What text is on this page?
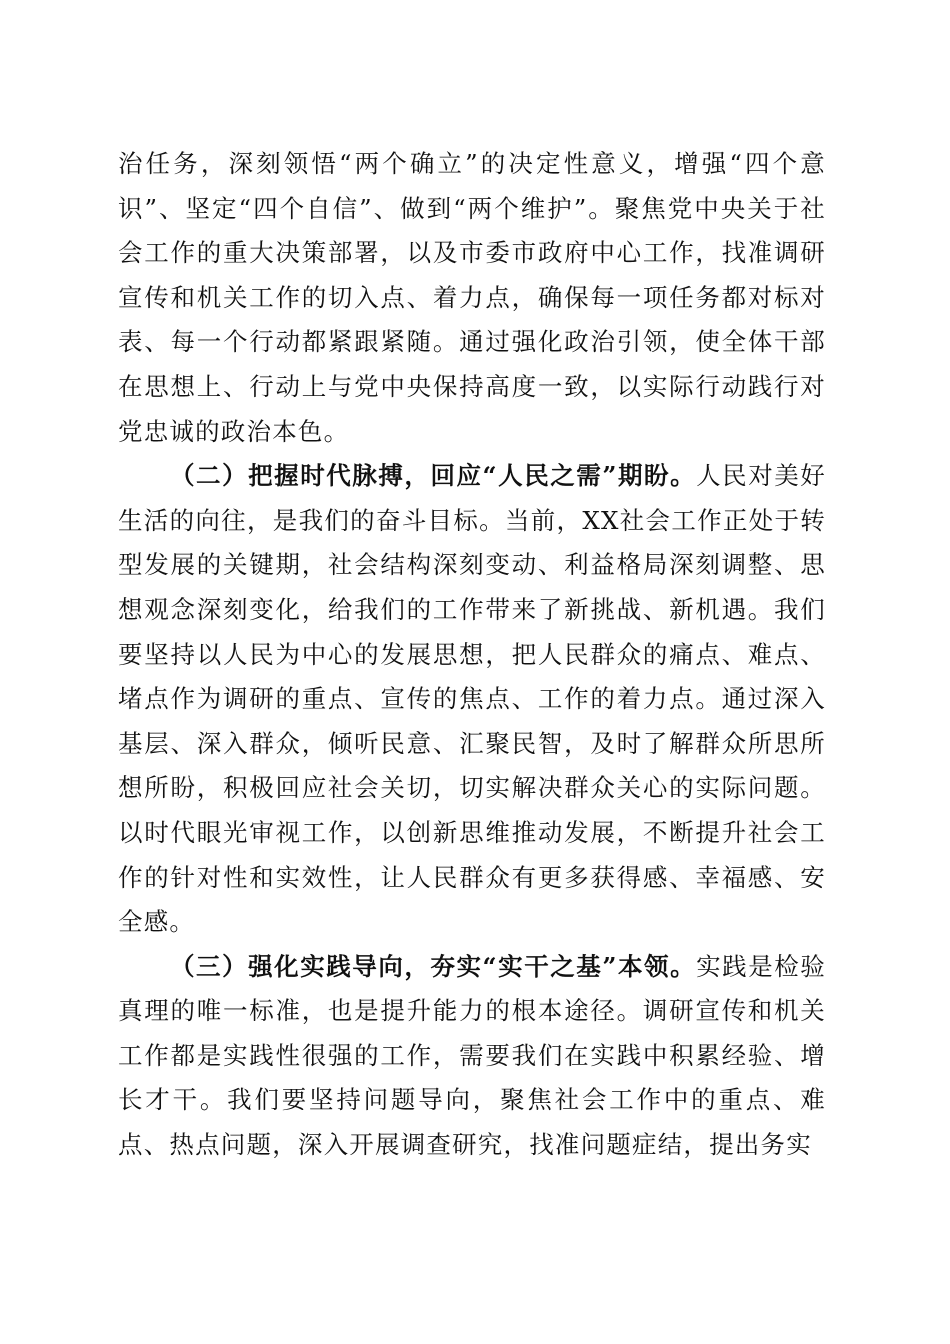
治任务，深刻领悟“两个确立”的决定性意义，增强“四个意识”、坚定“四个自信”、做到“两个维护”。聚焦党中央关于社会工作的重大决策部署，以及市委市政府中心工作，找准调研宣传和机关工作的切入点、着力点，确保每一项任务都对标对表、每一个行动都紧跟紧随。通过强化政治引领，使全体干部在思想上、行动上与党中央保持高度一致，以实际行动践行对党忠诚的政治本色。

（二）把握时代脉搏，回应“人民之需”期盼。人民对美好生活的向往，是我们的奋斗目标。当前，XX社会工作正处于转型发展的关键期，社会结构深刻变动、利益格局深刻调整、思想观念深刻变化，给我们的工作带来了新挑战、新机遇。我们要坚持以人民为中心的发展思想，把人民群众的痛点、难点、堵点作为调研的重点、宣传的焦点、工作的着力点。通过深入基层、深入群众，倾听民意、汇聚民智，及时了解群众所思所想所盼，积极回应社会关切，切实解决群众关心的实际问题。以时代眼光审视工作，以创新思维推动发展，不断提升社会工作的针对性和实效性，让人民群众有更多获得感、幸福感、安全感。

（三）强化实践导向，夯实“实干之基”本领。实践是检验真理的唯一标准，也是提升能力的根本途径。调研宣传和机关工作都是实践性很强的工作，需要我们在实践中积累经验、增长才干。我们要坚持问题导向，聚焦社会工作中的重点、难点、热点问题，深入开展调查研究，找准问题症结，提出务实
